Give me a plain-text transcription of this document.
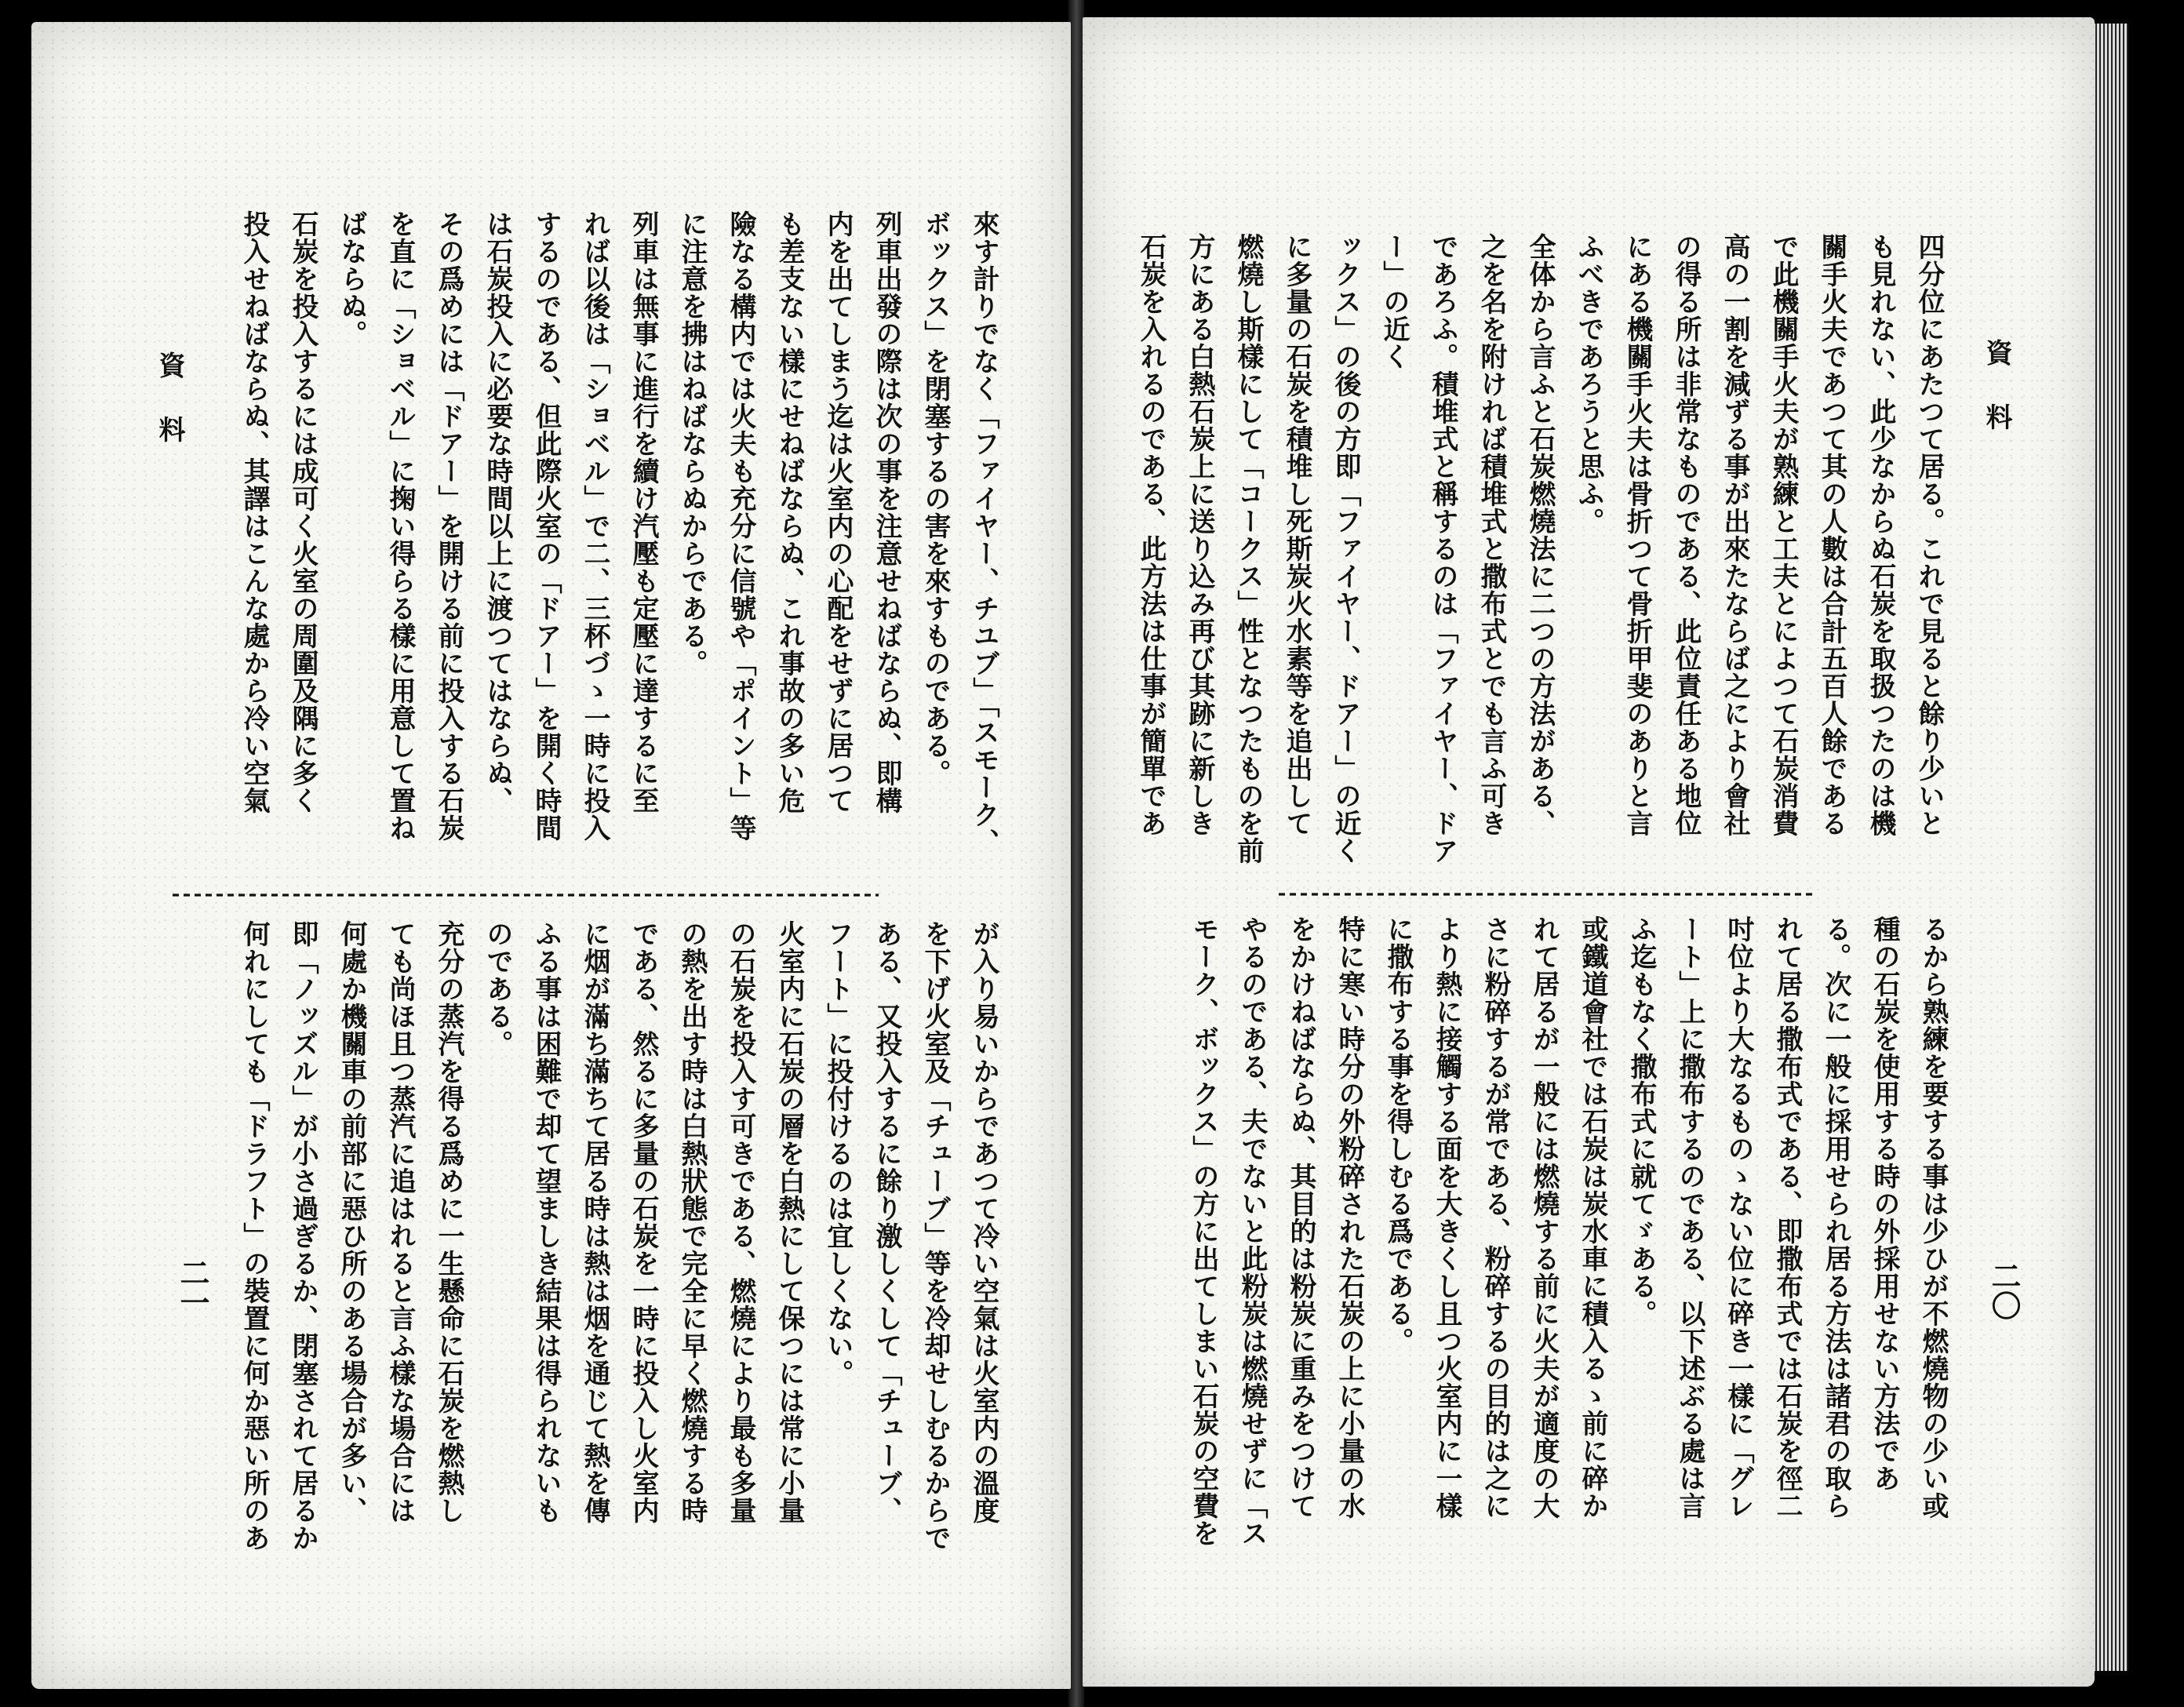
資料
二一

來す計りでなく「ファイヤー、チユブ」「スモーク、

ボックス」を閉塞するの害を來すものである。

列車出發の際は次の事を注意せねばならぬ、即構

内を出てしまう迄は火室内の心配をせずに居つて

も差支ない樣にせねばならぬ、これ事故の多い危

險なる構内では火夫も充分に信號や「ポイント」等

に注意を拂はねばならぬからである。

列車は無事に進行を續け汽壓も定壓に達するに至

れば以後は「ショベル」で二、三杯づゝ一時に投入

するのである、但此際火室の「ドアー」を開く時間

は石炭投入に必要な時間以上に渡つてはならぬ、

その爲めには「ドアー」を開ける前に投入する石炭

を直に「ショベル」に掬い得らる樣に用意して置ね

ばならぬ。

石炭を投入するには成可く火室の周圍及隅に多く

投入せねばならぬ、其譯はこんな處から冷い空氣

が入り易いからであつて冷い空氣は火室内の溫度

を下げ火室及「チューブ」等を冷却せしむるからで

ある、又投入するに餘り激しくして「チューブ、

フート」に投付けるのは宜しくない。

火室内に石炭の層を白熱にして保つには常に小量

の石炭を投入す可きである、燃燒により最も多量

の熱を出す時は白熱狀態で完全に早く燃燒する時

である、然るに多量の石炭を一時に投入し火室内

に烟が滿ち滿ちて居る時は熱は烟を通じて熱を傳

ふる事は困難で却て望ましき結果は得られないも

のである。

充分の蒸汽を得る爲めに一生懸命に石炭を燃熱し

ても尚ほ且つ蒸汽に追はれると言ふ樣な場合には

何處か機關車の前部に惡ひ所のある場合が多い、

即「ノッズル」が小さ過ぎるか、閉塞されて居るか

何れにしても「ドラフト」の裝置に何か惡い所のあ

資料
二〇

四分位にあたつて居る。これで見ると餘り少いと

も見れない、此少なからぬ石炭を取扱つたのは機

關手火夫であつて其の人數は合計五百人餘である

で此機關手火夫が熟練と工夫とによつて石炭消費

高の一割を減ずる事が出來たならば之により會社

の得る所は非常なものである、此位責任ある地位

にある機關手火夫は骨折つて骨折甲斐のありと言

ふべきであろうと思ふ。

全体から言ふと石炭燃燒法に二つの方法がある、

之を名を附ければ積堆式と撒布式とでも言ふ可き

であろふ。積堆式と稱するのは「ファイヤー、ドアー」の近く

ックス」の後の方即「ファイヤー、ドアー」の近く

に多量の石炭を積堆し死斯炭火水素等を追出して

燃燒し斯樣にして「コークス」性となつたものを前

方にある白熱石炭上に送り込み再び其跡に新しき

石炭を入れるのである、此方法は仕事が簡單であ

るから熟練を要する事は少ひが不燃燒物の少い或

種の石炭を使用する時の外採用せない方法であ

る。次に一般に採用せられ居る方法は諸君の取ら

れて居る撒布式である、即撒布式では石炭を徑二

吋位より大なるものゝない位に碎き一樣に「グレ

ート」上に撒布するのである、以下述ぶる處は言

ふ迄もなく撒布式に就てゞある。

或鐵道會社では石炭は炭水車に積入るゝ前に碎か

れて居るが一般には燃燒する前に火夫が適度の大

さに粉碎するが常である、粉碎するの目的は之に

より熱に接觸する面を大きくし且つ火室内に一樣

に撒布する事を得しむる爲である。

特に寒い時分の外粉碎された石炭の上に小量の水

をかけねばならぬ、其目的は粉炭に重みをつけて

やるのである、夫でないと此粉炭は燃燒せずに「ス

モーク、ボックス」の方に出てしまい石炭の空費を
